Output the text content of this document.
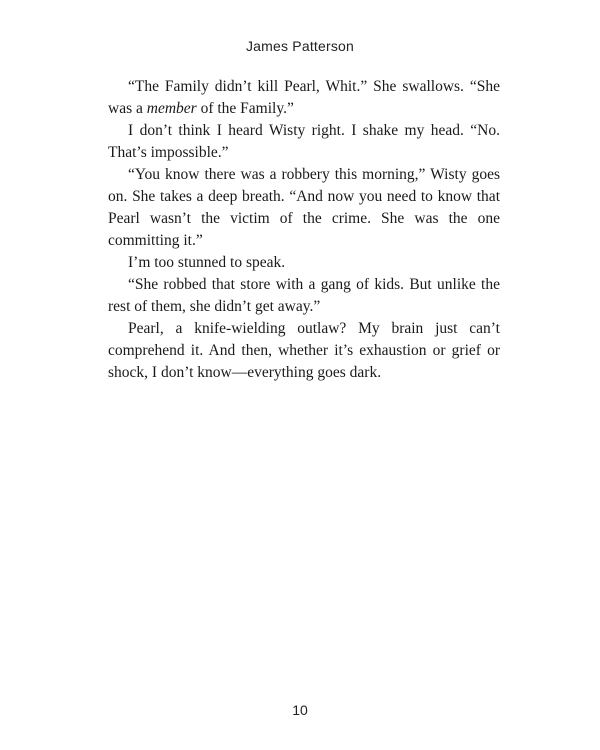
James Patterson

“The Family didn’t kill Pearl, Whit.” She swallows. “She was a member of the Family.”

I don’t think I heard Wisty right. I shake my head. “No. That’s impossible.”

“You know there was a robbery this morning,” Wisty goes on. She takes a deep breath. “And now you need to know that Pearl wasn’t the victim of the crime. She was the one committing it.”

I’m too stunned to speak.

“She robbed that store with a gang of kids. But unlike the rest of them, she didn’t get away.”

Pearl, a knife-wielding outlaw? My brain just can’t comprehend it. And then, whether it’s exhaustion or grief or shock, I don’t know—everything goes dark.

10
